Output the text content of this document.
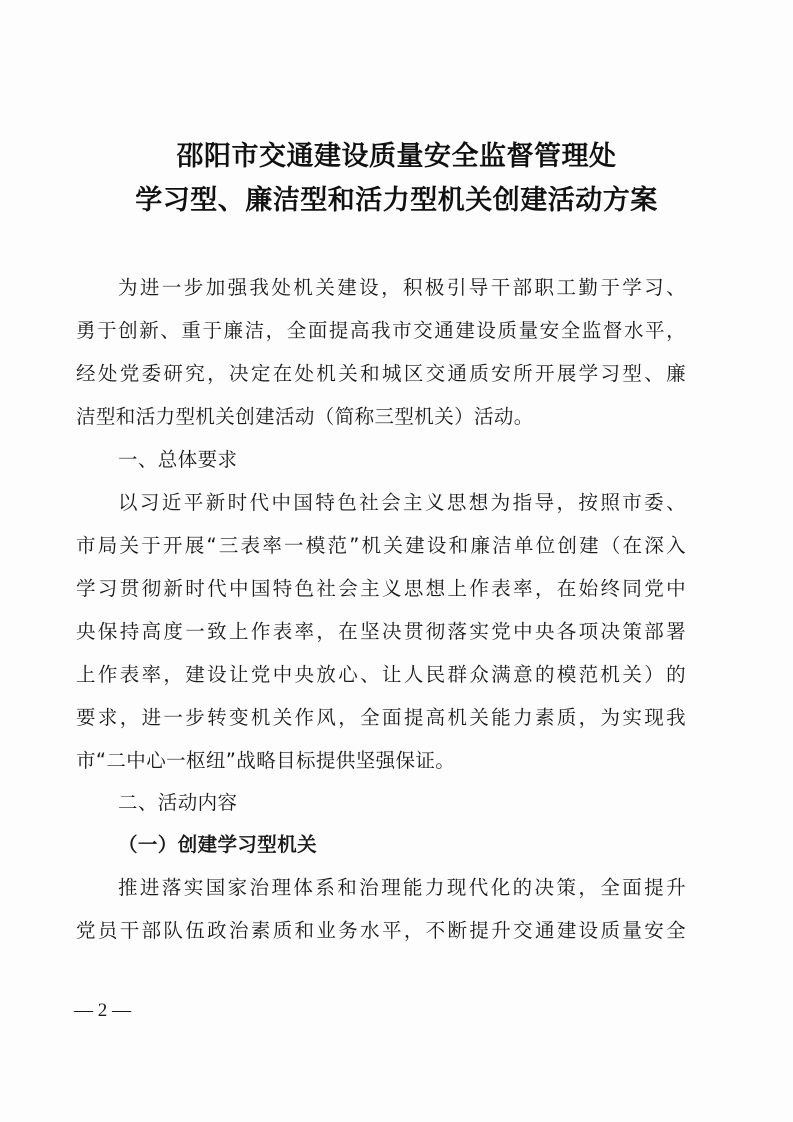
邵阳市交通建设质量安全监督管理处
学习型、廉洁型和活力型机关创建活动方案
为进一步加强我处机关建设，积极引导干部职工勤于学习、
勇于创新、重于廉洁，全面提高我市交通建设质量安全监督水平，
经处党委研究，决定在处机关和城区交通质安所开展学习型、廉
洁型和活力型机关创建活动（简称三型机关）活动。
一、总体要求
以习近平新时代中国特色社会主义思想为指导，按照市委、
市局关于开展“三表率一模范”机关建设和廉洁单位创建（在深入
学习贯彻新时代中国特色社会主义思想上作表率，在始终同党中
央保持高度一致上作表率，在坚决贯彻落实党中央各项决策部署
上作表率，建设让党中央放心、让人民群众满意的模范机关）的
要求，进一步转变机关作风，全面提高机关能力素质，为实现我
市“二中心一枢纽”战略目标提供坚强保证。
二、活动内容
（一）创建学习型机关
推进落实国家治理体系和治理能力现代化的决策，全面提升
党员干部队伍政治素质和业务水平，不断提升交通建设质量安全
— 2 —
